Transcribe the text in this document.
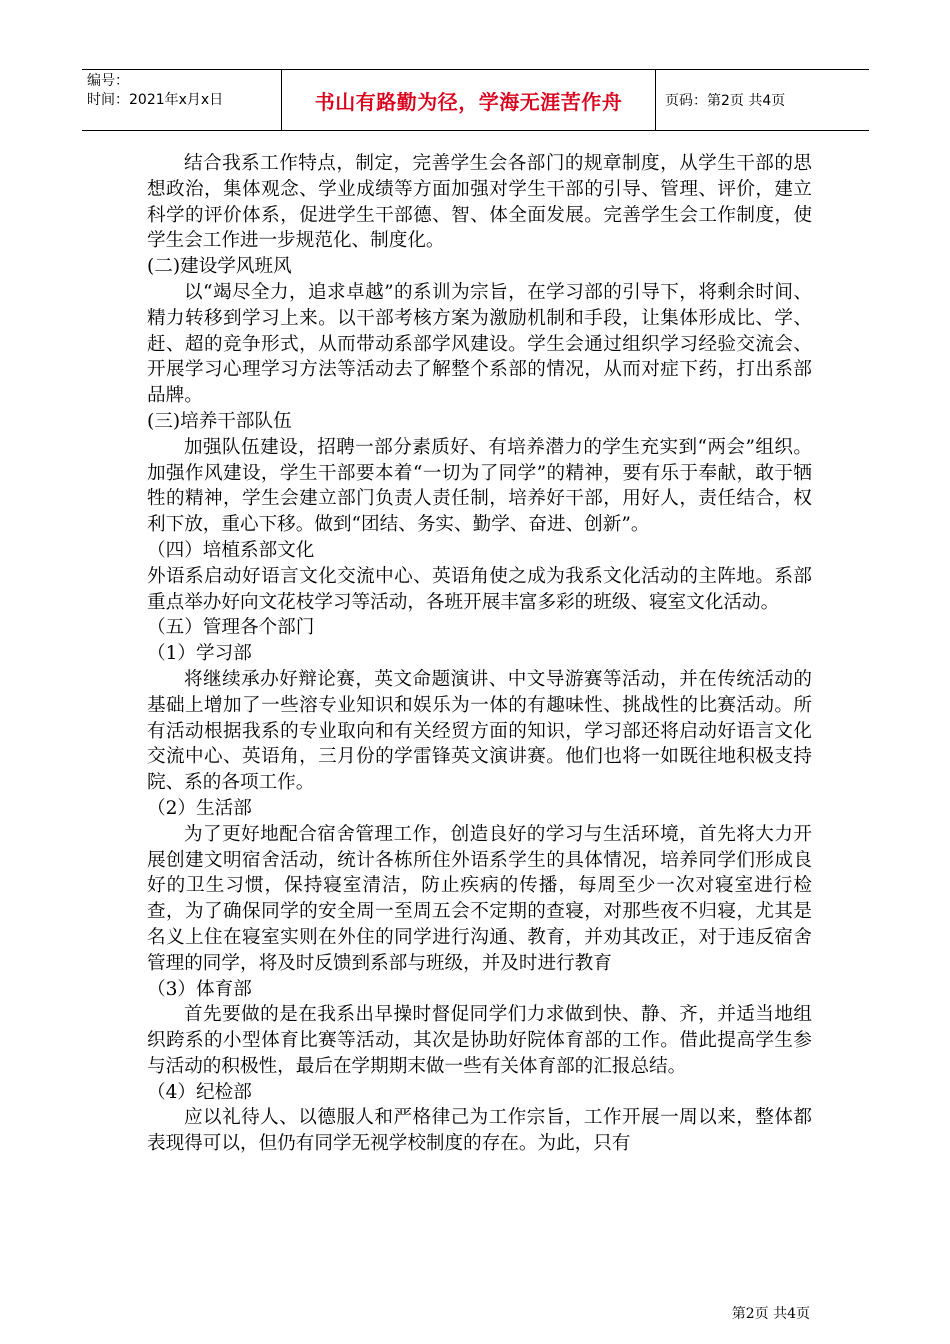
编号：
时间：2021年x月x日	书山有路勤为径，学海无涯苦作舟	页码：第2页 共4页

结合我系工作特点，制定，完善学生会各部门的规章制度，从学生干部的思想政治，集体观念、学业成绩等方面加强对学生干部的引导、管理、评价，建立科学的评价体系，促进学生干部德、智、体全面发展。完善学生会工作制度，使学生会工作进一步规范化、制度化。

(二)建设学风班风

以“竭尽全力，追求卓越”的系训为宗旨，在学习部的引导下，将剩余时间、精力转移到学习上来。以干部考核方案为激励机制和手段，让集体形成比、学、赶、超的竞争形式，从而带动系部学风建设。学生会通过组织学习经验交流会、开展学习心理学习方法等活动去了解整个系部的情况，从而对症下药，打出系部品牌。

(三)培养干部队伍

加强队伍建设，招聘一部分素质好、有培养潜力的学生充实到“两会”组织。加强作风建设，学生干部要本着“一切为了同学”的精神，要有乐于奉献，敢于牺牲的精神，学生会建立部门负责人责任制，培养好干部，用好人，责任结合，权利下放，重心下移。做到“团结、务实、勤学、奋进、创新”。

（四）培植系部文化

外语系启动好语言文化交流中心、英语角使之成为我系文化活动的主阵地。系部重点举办好向文花枝学习等活动，各班开展丰富多彩的班级、寝室文化活动。

（五）管理各个部门

（1）学习部

将继续承办好辩论赛，英文命题演讲、中文导游赛等活动，并在传统活动的基础上增加了一些溶专业知识和娱乐为一体的有趣味性、挑战性的比赛活动。所有活动根据我系的专业取向和有关经贸方面的知识，学习部还将启动好语言文化交流中心、英语角，三月份的学雷锋英文演讲赛。他们也将一如既往地积极支持院、系的各项工作。

（2）生活部

为了更好地配合宿舍管理工作，创造良好的学习与生活环境，首先将大力开展创建文明宿舍活动，统计各栋所住外语系学生的具体情况，培养同学们形成良好的卫生习惯，保持寝室清洁，防止疾病的传播，每周至少一次对寝室进行检查，为了确保同学的安全周一至周五会不定期的查寝，对那些夜不归寝，尤其是名义上住在寝室实则在外住的同学进行沟通、教育，并劝其改正，对于违反宿舍管理的同学，将及时反馈到系部与班级，并及时进行教育

（3）体育部

首先要做的是在我系出早操时督促同学们力求做到快、静、齐，并适当地组织跨系的小型体育比赛等活动，其次是协助好院体育部的工作。借此提高学生参与活动的积极性，最后在学期期末做一些有关体育部的汇报总结。

（4）纪检部

应以礼待人、以德服人和严格律己为工作宗旨，工作开展一周以来，整体都表现得可以，但仍有同学无视学校制度的存在。为此，只有

第2页 共4页
